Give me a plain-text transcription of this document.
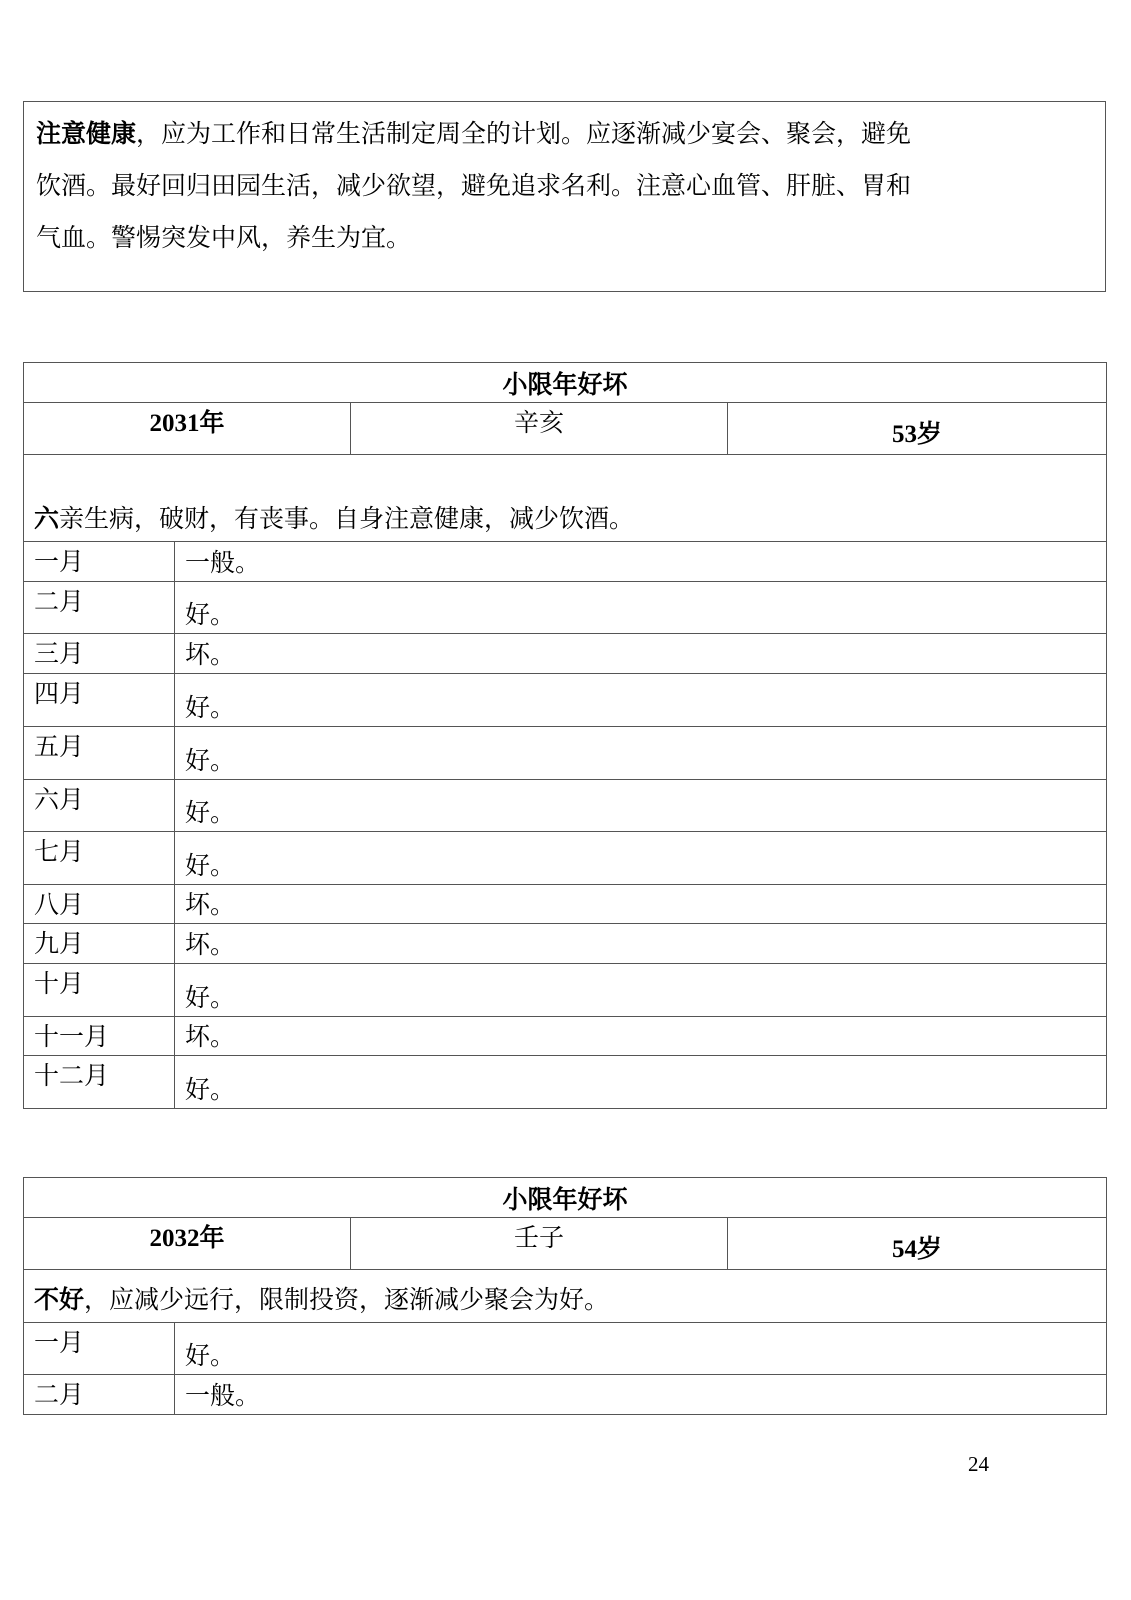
注意健康，应为工作和日常生活制定周全的计划。应逐渐减少宴会、聚会，避免
饮酒。最好回归田园生活，减少欲望，避免追求名利。注意心血管、肝脏、胃和
气血。警惕突发中风，养生为宜。
小限年好坏			
2031年		辛亥	53岁
六亲生病，破财，有丧事。自身注意健康，减少饮酒。			
一月	一般。		
二月	好。		
三月	坏。		
四月	好。		
五月	好。		
六月	好。		
七月	好。		
八月	坏。		
九月	坏。		
十月	好。		
十一月	坏。		
十二月	好。		
小限年好坏			
2032年		壬子	54岁
不好，应减少远行，限制投资，逐渐减少聚会为好。			
一月	好。		
二月	一般。		
24
